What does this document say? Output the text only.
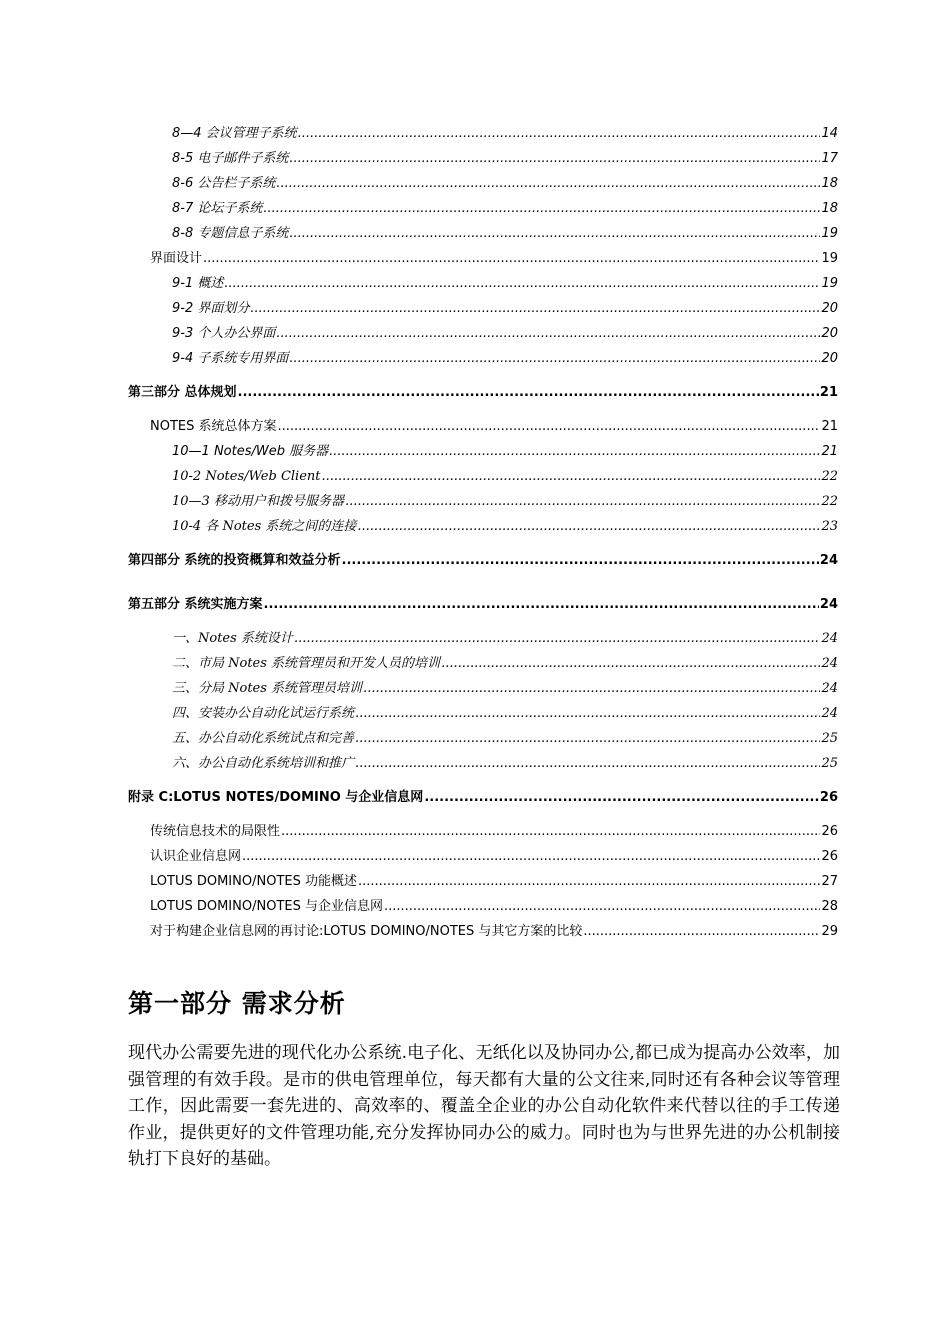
8—4 会议管理子系统 .....	14
8-5 电子邮件子系统 .....	17
8-6 公告栏子系统 .....	18
8-7 论坛子系统 .....	18
8-8 专题信息子系统 .....	19
界面设计 .....	19
9-1 概述 .....	19
9-2 界面划分 .....	20
9-3 个人办公界面 .....	20
9-4 子系统专用界面 .....	20
第三部分 总体规划 .....	21
NOTES 系统总体方案 .....	21
10—1 Notes/Web 服务器 .....	21
10-2 Notes/Web Client .....	22
10—3 移动用户和拨号服务器 .....	22
10-4 各 Notes 系统之间的连接 .....	23
第四部分 系统的投资概算和效益分析 .....	24
第五部分 系统实施方案 .....	24
一、Notes 系统设计 .....	24
二、市局 Notes 系统管理员和开发人员的培训 .....	24
三、分局 Notes 系统管理员培训 .....	24
四、安装办公自动化试运行系统 .....	24
五、办公自动化系统试点和完善 .....	25
六、办公自动化系统培训和推广 .....	25
附录 C:LOTUS NOTES/DOMINO 与企业信息网 .....	26
传统信息技术的局限性 .....	26
认识企业信息网 .....	26
LOTUS DOMINO/NOTES 功能概述 .....	27
LOTUS DOMINO/NOTES 与企业信息网 .....	28
对于构建企业信息网的再讨论:LOTUS DOMINO/NOTES 与其它方案的比较 .....	29
第一部分 需求分析
现代办公需要先进的现代化办公系统.电子化、无纸化以及协同办公,都已成为提高办公效率，加强管理的有效手段。是市的供电管理单位，每天都有大量的公文往来,同时还有各种会议等管理工作，因此需要一套先进的、高效率的、覆盖全企业的办公自动化软件来代替以往的手工传递作业，提供更好的文件管理功能,充分发挥协同办公的威力。同时也为与世界先进的办公机制接轨打下良好的基础。
